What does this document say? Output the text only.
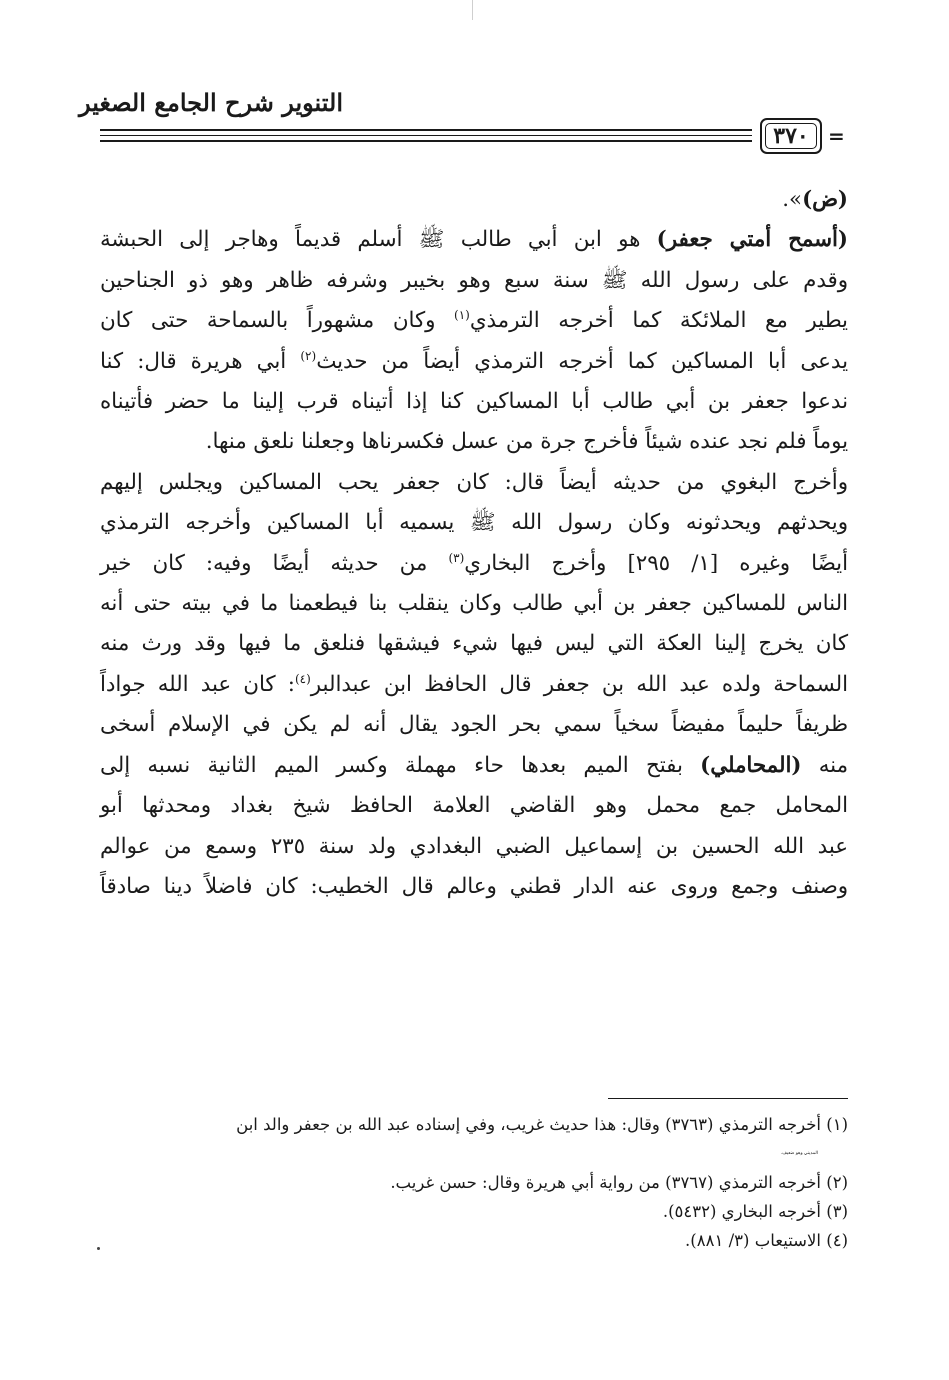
التنوير شرح الجامع الصغير
٣٧٠ =
(ض)».
(أسمح أمتي جعفر) هو ابن أبي طالب ﷺ أسلم قديماً وهاجر إلى الحبشة
وقدم على رسول الله ﷺ سنة سبع وهو بخيبر وشرفه ظاهر وهو ذو الجناحين
يطير مع الملائكة كما أخرجه الترمذي$^{(١)}$ وكان مشهوراً بالسماحة حتى كان
يدعى أبا المساكين كما أخرجه الترمذي أيضاً من حديث$^{(٢)}$ أبي هريرة قال: كنا
ندعوا جعفر بن أبي طالب أبا المساكين كنا إذا أتيناه قرب إلينا ما حضر فأتيناه
يوماً فلم نجد عنده شيئاً فأخرج جرة من عسل فكسرناها وجعلنا نلعق منها.
وأخرج البغوي من حديثه أيضاً قال: كان جعفر يحب المساكين ويجلس إليهم
ويحدثهم ويحدثونه وكان رسول الله ﷺ يسميه أبا المساكين وأخرجه الترمذي
أيضًا وغيره [١/ ٢٩٥] وأخرج البخاري$^{(٣)}$ من حديثه أيضًا وفيه: كان خير
الناس للمساكين جعفر بن أبي طالب وكان ينقلب بنا فيطعمنا ما في بيته حتى أنه
كان يخرج إلينا العكة التي ليس فيها شيء فيشقها فنلعق ما فيها وقد ورث منه
السماحة ولده عبد الله بن جعفر قال الحافظ ابن عبدالبر$^{(٤)}$: كان عبد الله جواداً
ظريفاً حليماً مفيضاً سخياً سمي بحر الجود يقال أنه لم يكن في الإسلام أسخى
منه (المحاملي) بفتح الميم بعدها حاء مهملة وكسر الميم الثانية نسبه إلى
المحامل جمع محمل وهو القاضي العلامة الحافظ شيخ بغداد ومحدثها أبو
عبد الله الحسين بن إسماعيل الضبي البغدادي ولد سنة ٢٣٥ وسمع من عوالم
وصنف وجمع وروى عنه الدار قطني وعالم قال الخطيب: كان فاضلاً دينا صادقاً
(١) أخرجه الترمذي (٣٧٦٣) وقال: هذا حديث غريب، وفي إسناده عبد الله بن جعفر والد ابن
المديني وهو ضعيف.
(٢) أخرجه الترمذي (٣٧٦٧) من رواية أبي هريرة وقال: حسن غريب.
(٣) أخرجه البخاري (٥٤٣٢).
(٤) الاستيعاب (٣/ ٨٨١).
